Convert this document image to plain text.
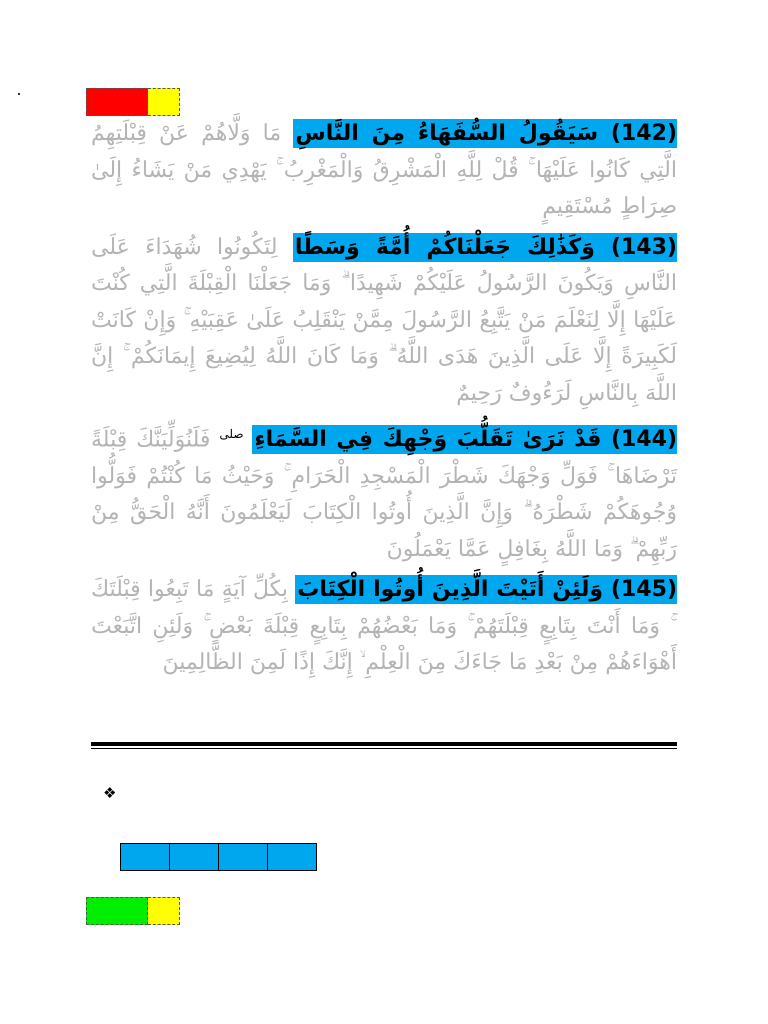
(142) سَيَقُولُ السُّفَهَاءُ مِنَ النَّاسِ مَا وَلَّاهُمْ عَنْ قِبْلَتِهِمُ الَّتِي كَانُوا عَلَيْهَا ۚ قُلْ لِلَّهِ الْمَشْرِقُ وَالْمَغْرِبُ ۚ يَهْدِي مَنْ يَشَاءُ إِلَىٰ صِرَاطٍ مُسْتَقِيمٍ

(143) وَكَذَٰلِكَ جَعَلْنَاكُمْ أُمَّةً وَسَطًا لِتَكُونُوا شُهَدَاءَ عَلَى النَّاسِ وَيَكُونَ الرَّسُولُ عَلَيْكُمْ شَهِيدًا ۗ وَمَا جَعَلْنَا الْقِبْلَةَ الَّتِي كُنْتَ عَلَيْهَا إِلَّا لِنَعْلَمَ مَنْ يَتَّبِعُ الرَّسُولَ مِمَّنْ يَنْقَلِبُ عَلَىٰ عَقِبَيْهِ ۚ وَإِنْ كَانَتْ لَكَبِيرَةً إِلَّا عَلَى الَّذِينَ هَدَى اللَّهُ ۗ وَمَا كَانَ اللَّهُ لِيُضِيعَ إِيمَانَكُمْ ۚ إِنَّ اللَّهَ بِالنَّاسِ لَرَءُوفٌ رَحِيمٌ

(144) قَدْ نَرَىٰ تَقَلُّبَ وَجْهِكَ فِي السَّمَاءِ $^{صلى}$ فَلَنُوَلِّيَنَّكَ قِبْلَةً تَرْضَاهَا ۚ فَوَلِّ وَجْهَكَ شَطْرَ الْمَسْجِدِ الْحَرَامِ ۚ وَحَيْثُ مَا كُنْتُمْ فَوَلُّوا وُجُوهَكُمْ شَطْرَهُ ۗ وَإِنَّ الَّذِينَ أُوتُوا الْكِتَابَ لَيَعْلَمُونَ أَنَّهُ الْحَقُّ مِنْ رَبِّهِمْ ۗ وَمَا اللَّهُ بِغَافِلٍ عَمَّا يَعْمَلُونَ

(145) وَلَئِنْ أَتَيْتَ الَّذِينَ أُوتُوا الْكِتَابَ بِكُلِّ آيَةٍ مَا تَبِعُوا قِبْلَتَكَ ۚ وَمَا أَنْتَ بِتَابِعٍ قِبْلَتَهُمْ ۚ وَمَا بَعْضُهُمْ بِتَابِعٍ قِبْلَةَ بَعْضٍ ۚ وَلَئِنِ اتَّبَعْتَ أَهْوَاءَهُمْ مِنْ بَعْدِ مَا جَاءَكَ مِنَ الْعِلْمِ ۙ إِنَّكَ إِذًا لَمِنَ الظَّالِمِينَ

❖
